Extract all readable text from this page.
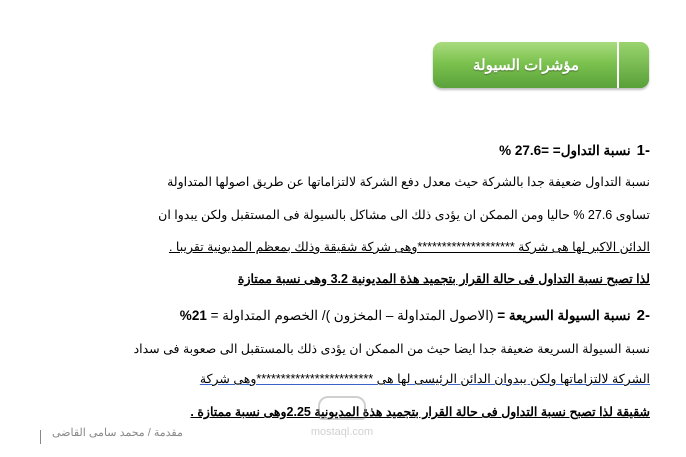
مؤشرات السيولة
-1نسبة التداول= =27.6 %
نسبة التداول ضعيفة جدا بالشركة حيث معدل دفع الشركة لالتزاماتها عن طريق اصولها المتداولة
تساوى 27.6 % حاليا ومن الممكن ان يؤدى ذلك الى مشاكل بالسيولة فى المستقبل ولكن يبدوا ان
الدائن الاكبر لها هى شركة ********************وهى شركة شقيقة وذلك بمعظم المديونية تقريبا .
لذا تصبح نسبة التداول فى حالة القرار بتجميد هذة المديونية 3.2 وهى نسبة ممتازة
-2نسبة السيولة السريعة = (الاصول المتداولة – المخزون )/ الخصوم المتداولة = 21%
نسبة السيولة السريعة ضعيفة جدا ايضا حيث من الممكن ان يؤدى ذلك بالمستقبل الى صعوبة فى سداد
الشركة لالتزاماتها ولكن يبدوان الدائن الرئيسى لها هى ************************وهى شركة
شقيقة لذا تصبح نسبة التداول فى حالة القرار بتجميد هذة المديونية 2.25وهى نسبة ممتازة .
mostaql.com
مقدمة / محمد سامى القاضى
